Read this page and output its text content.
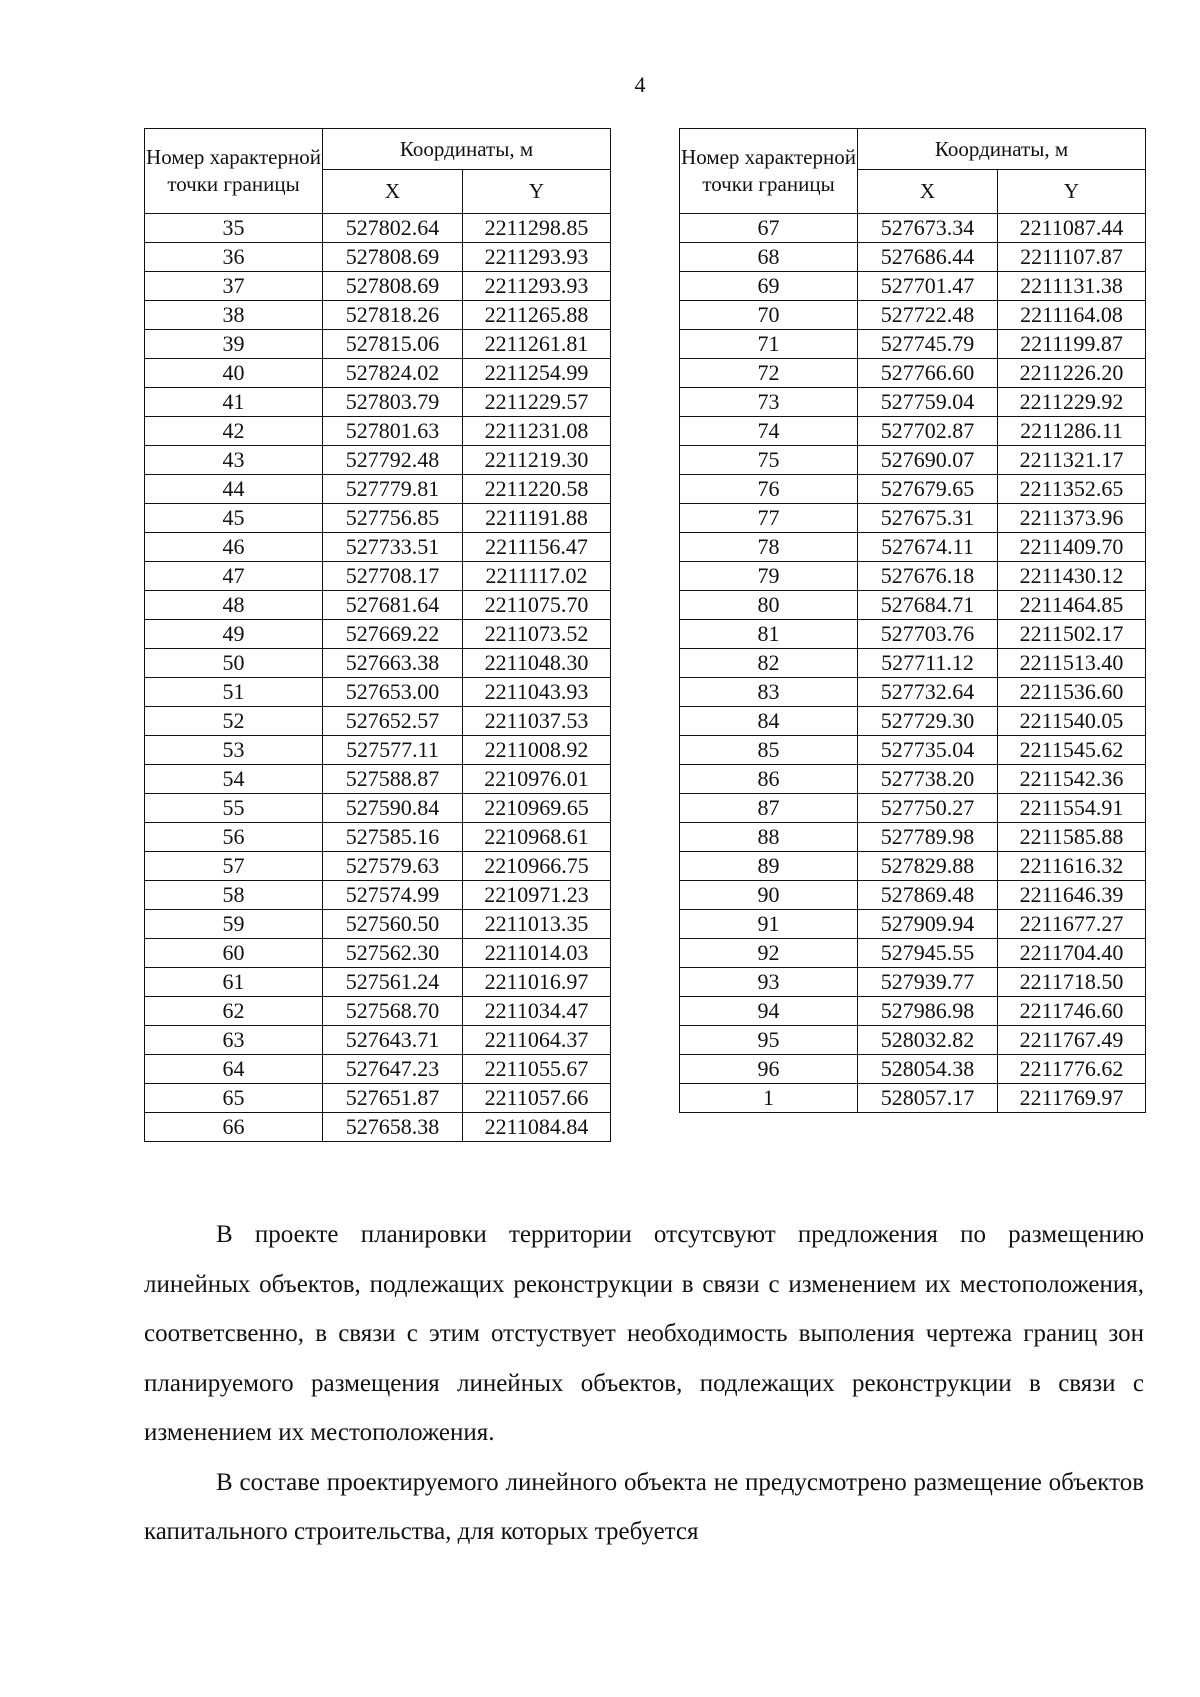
4
Номер характерной точки границы	Координаты, м	
	X	Y
35	527802.64	2211298.85
36	527808.69	2211293.93
37	527808.69	2211293.93
38	527818.26	2211265.88
39	527815.06	2211261.81
40	527824.02	2211254.99
41	527803.79	2211229.57
42	527801.63	2211231.08
43	527792.48	2211219.30
44	527779.81	2211220.58
45	527756.85	2211191.88
46	527733.51	2211156.47
47	527708.17	2211117.02
48	527681.64	2211075.70
49	527669.22	2211073.52
50	527663.38	2211048.30
51	527653.00	2211043.93
52	527652.57	2211037.53
53	527577.11	2211008.92
54	527588.87	2210976.01
55	527590.84	2210969.65
56	527585.16	2210968.61
57	527579.63	2210966.75
58	527574.99	2210971.23
59	527560.50	2211013.35
60	527562.30	2211014.03
61	527561.24	2211016.97
62	527568.70	2211034.47
63	527643.71	2211064.37
64	527647.23	2211055.67
65	527651.87	2211057.66
66	527658.38	2211084.84
Номер характерной точки границы	Координаты, м	
	X	Y
67	527673.34	2211087.44
68	527686.44	2211107.87
69	527701.47	2211131.38
70	527722.48	2211164.08
71	527745.79	2211199.87
72	527766.60	2211226.20
73	527759.04	2211229.92
74	527702.87	2211286.11
75	527690.07	2211321.17
76	527679.65	2211352.65
77	527675.31	2211373.96
78	527674.11	2211409.70
79	527676.18	2211430.12
80	527684.71	2211464.85
81	527703.76	2211502.17
82	527711.12	2211513.40
83	527732.64	2211536.60
84	527729.30	2211540.05
85	527735.04	2211545.62
86	527738.20	2211542.36
87	527750.27	2211554.91
88	527789.98	2211585.88
89	527829.88	2211616.32
90	527869.48	2211646.39
91	527909.94	2211677.27
92	527945.55	2211704.40
93	527939.77	2211718.50
94	527986.98	2211746.60
95	528032.82	2211767.49
96	528054.38	2211776.62
1	528057.17	2211769.97

В проекте планировки территории отсутсвуют предложения по размещению линейных объектов, подлежащих реконструкции в связи с изменением их местоположения, соответсвенно, в связи с этим отстуствует необходимость выполения чертежа границ зон планируемого размещения линейных объектов, подлежащих реконструкции в связи с изменением их местоположения.

В составе проектируемого линейного объекта не предусмотрено размещение объектов капитального строительства, для которых требуется
